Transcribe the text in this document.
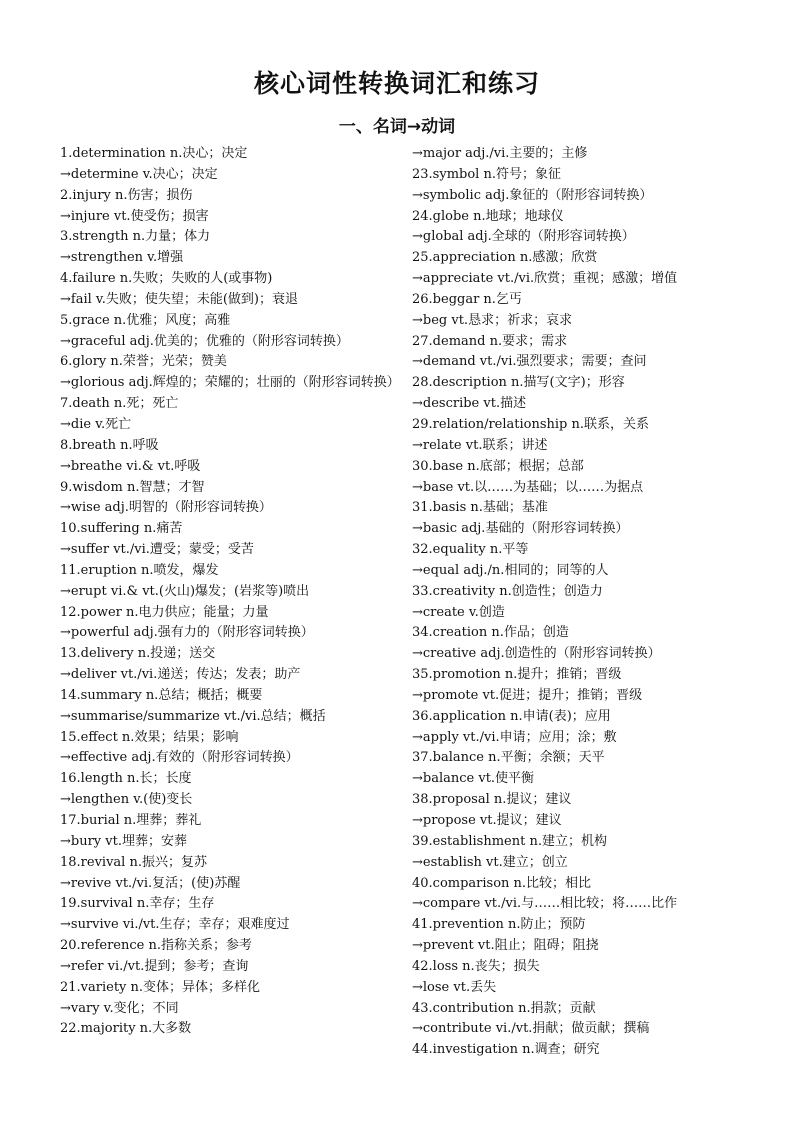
核心词性转换词汇和练习
一、名词→动词
1.determination n.决心；决定
→determine v.决心；决定
2.injury n.伤害；损伤
→injure vt.使受伤；损害
3.strength n.力量；体力
→strengthen v.增强
4.failure n.失败；失败的人(或事物)
→fail v.失败；使失望；未能(做到)；衰退
5.grace n.优雅；风度；高雅
→graceful adj.优美的；优雅的（附形容词转换）
6.glory n.荣誉；光荣；赞美
→glorious adj.辉煌的；荣耀的；壮丽的（附形容词转换）
7.death n.死；死亡
→die v.死亡
8.breath n.呼吸
→breathe vi.& vt.呼吸
9.wisdom n.智慧；才智
→wise adj.明智的（附形容词转换）
10.suffering n.痛苦
→suffer vt./vi.遭受；蒙受；受苦
11.eruption n.喷发，爆发
→erupt vi.& vt.(火山)爆发；(岩浆等)喷出
12.power n.电力供应；能量；力量
→powerful adj.强有力的（附形容词转换）
13.delivery n.投递；送交
→deliver vt./vi.递送；传达；发表；助产
14.summary n.总结；概括；概要
→summarise/summarize vt./vi.总结；概括
15.effect n.效果；结果；影响
→effective adj.有效的（附形容词转换）
16.length n.长；长度
→lengthen v.(使)变长
17.burial n.埋葬；葬礼
→bury vt.埋葬；安葬
18.revival n.振兴；复苏
→revive vt./vi.复活；(使)苏醒
19.survival n.幸存；生存
→survive vi./vt.生存；幸存；艰难度过
20.reference n.指称关系；参考
→refer vi./vt.提到；参考；查询
21.variety n.变体；异体；多样化
→vary v.变化；不同
22.majority n.大多数
→major adj./vi.主要的；主修
23.symbol n.符号；象征
→symbolic adj.象征的（附形容词转换）
24.globe n.地球；地球仪
→global adj.全球的（附形容词转换）
25.appreciation n.感激；欣赏
→appreciate vt./vi.欣赏；重视；感激；增值
26.beggar n.乞丐
→beg vt.恳求；祈求；哀求
27.demand n.要求；需求
→demand vt./vi.强烈要求；需要；查问
28.description n.描写(文字)；形容
→describe vt.描述
29.relation/relationship n.联系，关系
→relate vt.联系；讲述
30.base n.底部；根据；总部
→base vt.以……为基础；以……为据点
31.basis n.基础；基准
→basic adj.基础的（附形容词转换）
32.equality n.平等
→equal adj./n.相同的；同等的人
33.creativity n.创造性；创造力
→create v.创造
34.creation n.作品；创造
→creative adj.创造性的（附形容词转换）
35.promotion n.提升；推销；晋级
→promote vt.促进；提升；推销；晋级
36.application n.申请(表)；应用
→apply vt./vi.申请；应用；涂；敷
37.balance n.平衡；余额；天平
→balance vt.使平衡
38.proposal n.提议；建议
→propose vt.提议；建议
39.establishment n.建立；机构
→establish vt.建立；创立
40.comparison n.比较；相比
→compare vt./vi.与……相比较；将……比作
41.prevention n.防止；预防
→prevent vt.阻止；阻碍；阻挠
42.loss n.丧失；损失
→lose vt.丢失
43.contribution n.捐款；贡献
→contribute vi./vt.捐献；做贡献；撰稿
44.investigation n.调查；研究
